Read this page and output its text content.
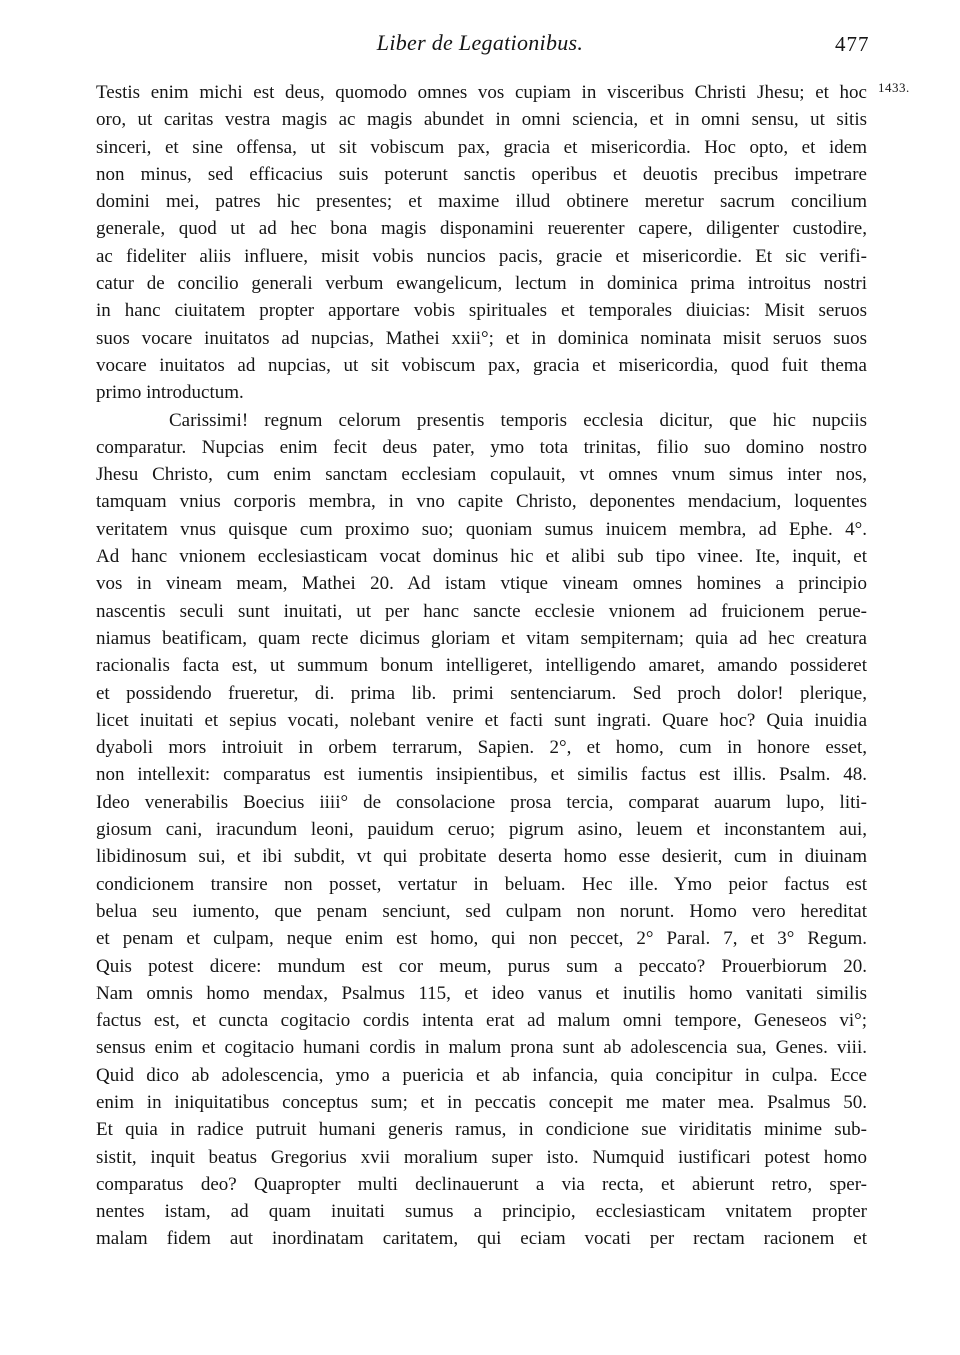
Liber de Legationibus.	477
1433.
Testis enim michi est deus, quomodo omnes vos cupiam in visceribus Christi Jhesu; et hoc
oro, ut caritas vestra magis ac magis abundet in omni sciencia, et in omni sensu, ut sitis
sinceri, et sine offensa, ut sit vobiscum pax, gracia et misericordia. Hoc opto, et idem
non minus, sed efficacius suis poterunt sanctis operibus et deuotis precibus impetrare
domini mei, patres hic presentes; et maxime illud obtinere meretur sacrum concilium
generale, quod ut ad hec bona magis disponamini reuerenter capere, diligenter custodire,
ac fideliter aliis influere, misit vobis nuncios pacis, gracie et misericordie. Et sic verifi-
catur de concilio generali verbum ewangelicum, lectum in dominica prima introitus nostri
in hanc ciuitatem propter apportare vobis spirituales et temporales diuicias: Misit seruos
suos vocare inuitatos ad nupcias, Mathei xxii°; et in dominica nominata misit seruos suos
vocare inuitatos ad nupcias, ut sit vobiscum pax, gracia et misericordia, quod fuit thema
primo introductum.
Carissimi! regnum celorum presentis temporis ecclesia dicitur, que hic nupciis
comparatur. Nupcias enim fecit deus pater, ymo tota trinitas, filio suo domino nostro
Jhesu Christo, cum enim sanctam ecclesiam copulauit, vt omnes vnum simus inter nos,
tamquam vnius corporis membra, in vno capite Christo, deponentes mendacium, loquentes
veritatem vnus quisque cum proximo suo; quoniam sumus inuicem membra, ad Ephe. 4°.
Ad hanc vnionem ecclesiasticam vocat dominus hic et alibi sub tipo vinee. Ite, inquit, et
vos in vineam meam, Mathei 20. Ad istam vtique vineam omnes homines a principio
nascentis seculi sunt inuitati, ut per hanc sancte ecclesie vnionem ad fruicionem perue-
niamus beatificam, quam recte dicimus gloriam et vitam sempiternam; quia ad hec creatura
racionalis facta est, ut summum bonum intelligeret, intelligendo amaret, amando possideret
et possidendo frueretur, di. prima lib. primi sentenciarum. Sed proch dolor! plerique,
licet inuitati et sepius vocati, nolebant venire et facti sunt ingrati. Quare hoc? Quia inuidia
dyaboli mors introiuit in orbem terrarum, Sapien. 2°, et homo, cum in honore esset,
non intellexit: comparatus est iumentis insipientibus, et similis factus est illis. Psalm. 48.
Ideo venerabilis Boecius iiii° de consolacione prosa tercia, comparat auarum lupo, liti-
giosum cani, iracundum leoni, pauidum ceruo; pigrum asino, leuem et inconstantem aui,
libidinosum sui, et ibi subdit, vt qui probitate deserta homo esse desierit, cum in diuinam
condicionem transire non posset, vertatur in beluam. Hec ille. Ymo peior factus est
belua seu iumento, que penam senciunt, sed culpam non norunt. Homo vero hereditat
et penam et culpam, neque enim est homo, qui non peccet, 2° Paral. 7, et 3° Regum.
Quis potest dicere: mundum est cor meum, purus sum a peccato? Prouerbiorum 20.
Nam omnis homo mendax, Psalmus 115, et ideo vanus et inutilis homo vanitati similis
factus est, et cuncta cogitacio cordis intenta erat ad malum omni tempore, Geneseos vi°;
sensus enim et cogitacio humani cordis in malum prona sunt ab adolescencia sua, Genes. viii.
Quid dico ab adolescencia, ymo a puericia et ab infancia, quia concipitur in culpa. Ecce
enim in iniquitatibus conceptus sum; et in peccatis concepit me mater mea. Psalmus 50.
Et quia in radice putruit humani generis ramus, in condicione sue viriditatis minime sub-
sistit, inquit beatus Gregorius xvii moralium super isto. Numquid iustificari potest homo
comparatus deo? Quapropter multi declinauerunt a via recta, et abierunt retro, sper-
nentes istam, ad quam inuitati sumus a principio, ecclesiasticam vnitatem propter
malam fidem aut inordinatam caritatem, qui eciam vocati per rectam racionem et
